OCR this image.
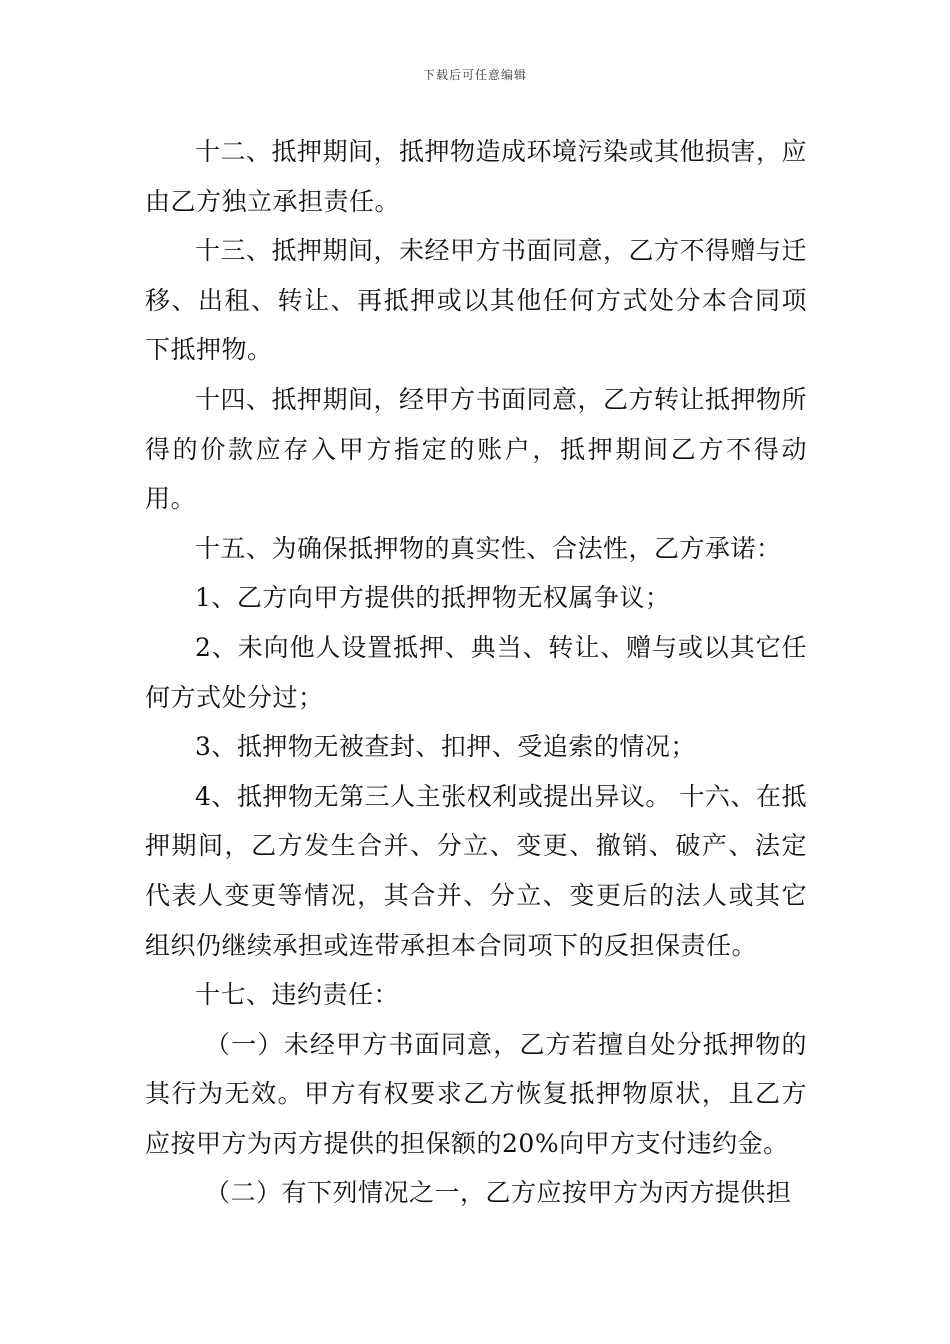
下载后可任意编辑

十二、抵押期间，抵押物造成环境污染或其他损害，应由乙方独立承担责任。

十三、抵押期间，未经甲方书面同意，乙方不得赠与迁移、出租、转让、再抵押或以其他任何方式处分本合同项下抵押物。

十四、抵押期间，经甲方书面同意，乙方转让抵押物所得的价款应存入甲方指定的账户，抵押期间乙方不得动用。

十五、为确保抵押物的真实性、合法性，乙方承诺：

1、乙方向甲方提供的抵押物无权属争议；

2、未向他人设置抵押、典当、转让、赠与或以其它任何方式处分过；

3、抵押物无被查封、扣押、受追索的情况；

4、抵押物无第三人主张权利或提出异议。 十六、在抵押期间，乙方发生合并、分立、变更、撤销、破产、法定代表人变更等情况，其合并、分立、变更后的法人或其它组织仍继续承担或连带承担本合同项下的反担保责任。

十七、违约责任：

（一）未经甲方书面同意，乙方若擅自处分抵押物的其行为无效。甲方有权要求乙方恢复抵押物原状，且乙方应按甲方为丙方提供的担保额的20%向甲方支付违约金。

（二）有下列情况之一，乙方应按甲方为丙方提供担
